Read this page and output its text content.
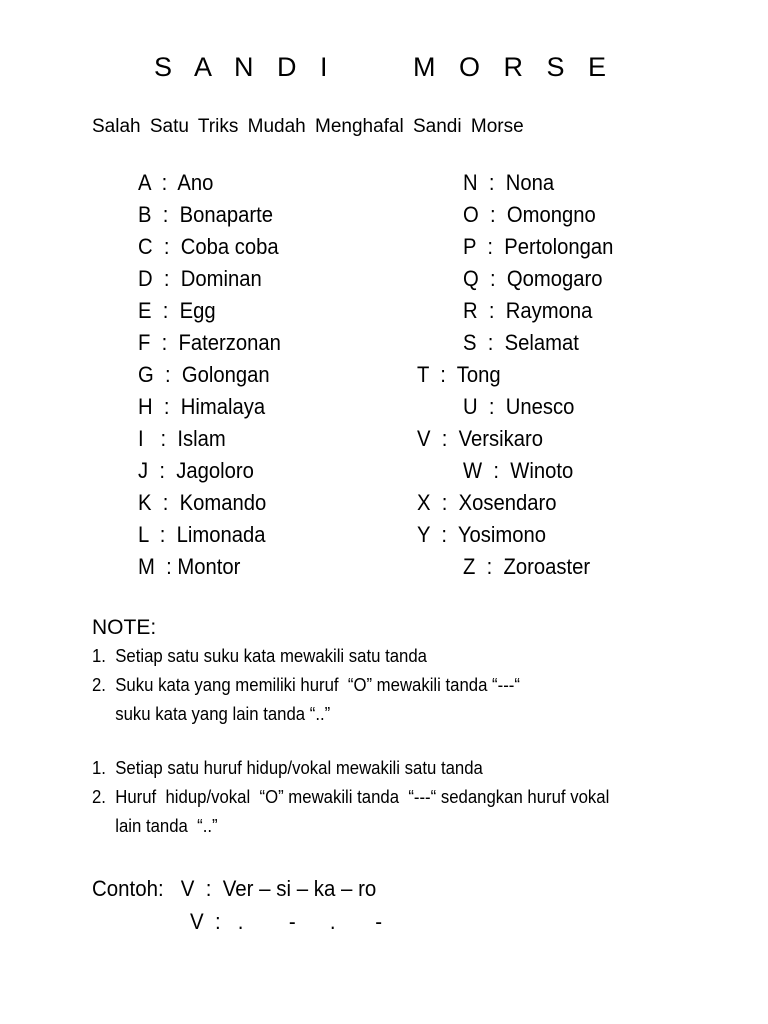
S A N D I     M O R S E
Salah Satu Triks Mudah Menghafal Sandi Morse
A  :  Ano
B  :  Bonaparte
C  :  Coba coba
D  :  Dominan
E  :  Egg
F  :  Faterzonan
G  :  Golongan
H  :  Himalaya
I   :  Islam
J  :  Jagoloro
K  :  Komando
L  :  Limonada
M  : Montor
N  :  Nona
O  :  Omongno
P  :  Pertolongan
Q  :  Qomogaro
R  :  Raymona
S  :  Selamat
T  :  Tong
U  :  Unesco
V  :  Versikaro
W  :  Winoto
X  :  Xosendaro
Y  :  Yosimono
Z  :  Zoroaster
NOTE:
1.  Setiap satu suku kata mewakili satu tanda
2.  Suku kata yang memiliki huruf  “O” mewakili tanda “---“
suku kata yang lain tanda “..”
1.  Setiap satu huruf hidup/vokal mewakili satu tanda
2.  Huruf  hidup/vokal  “O” mewakili tanda  “---“ sedangkan huruf vokal
lain tanda  “..”
Contoh:   V  :  Ver – si – ka – ro
V  :   .        -      .       -
